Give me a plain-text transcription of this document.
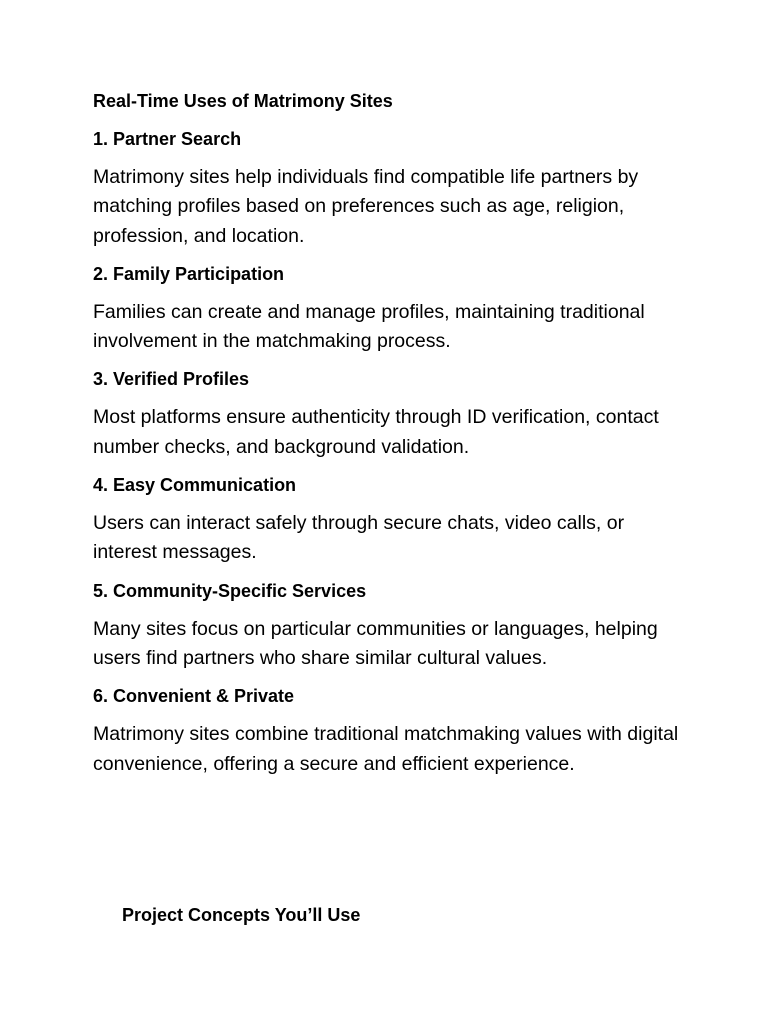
Real-Time Uses of Matrimony Sites
1. Partner Search

Matrimony sites help individuals find compatible life partners by matching profiles based on preferences such as age, religion, profession, and location.

2. Family Participation

Families can create and manage profiles, maintaining traditional involvement in the matchmaking process.

3. Verified Profiles

Most platforms ensure authenticity through ID verification, contact number checks, and background validation.

4. Easy Communication

Users can interact safely through secure chats, video calls, or interest messages.

5. Community-Specific Services

Many sites focus on particular communities or languages, helping users find partners who share similar cultural values.

6. Convenient & Private

Matrimony sites combine traditional matchmaking values with digital convenience, offering a secure and efficient experience.

Project Concepts You’ll Use
